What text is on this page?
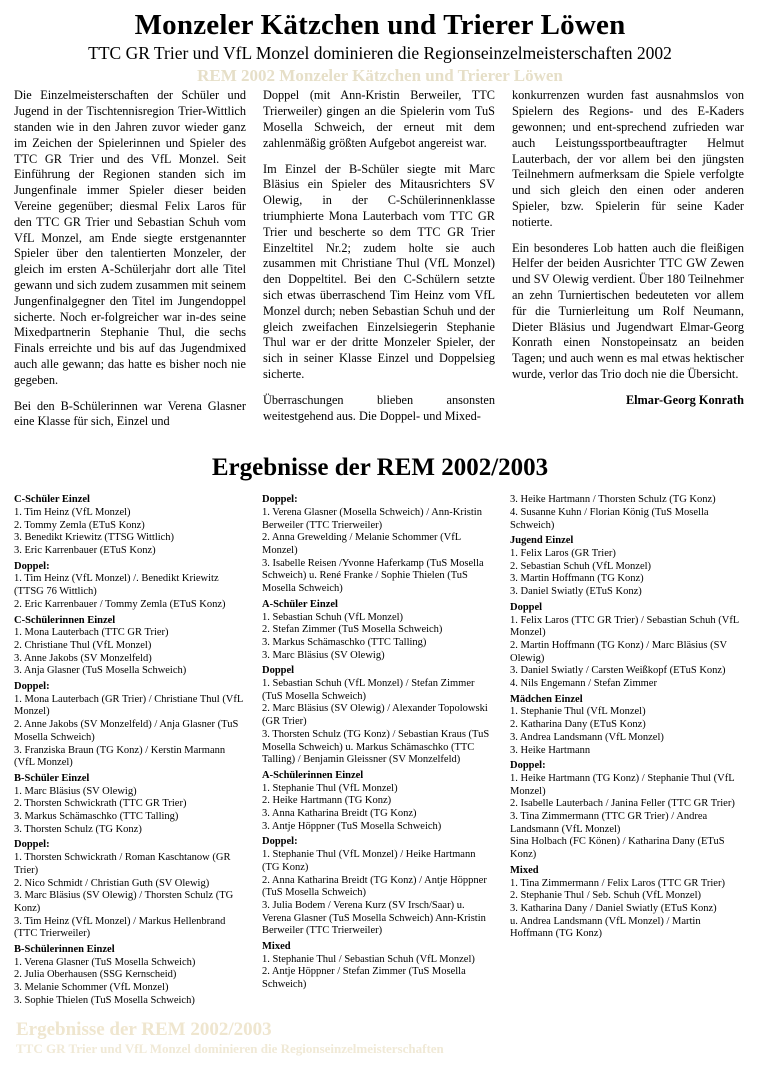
Monzeler Kätzchen und Trierer Löwen
TTC GR Trier und VfL Monzel dominieren die Regionseinzelmeisterschaften 2002
REM 2002 Monzeler Kätzchen und Trierer Löwen

Die Einzelmeisterschaften der Schüler und Jugend in der Tischtennisregion Trier-Wittlich standen wie in den Jahren zuvor wieder ganz im Zeichen der Spielerinnen und Spieler des TTC GR Trier und des VfL Monzel. Seit Einführung der Regionen standen sich im Jungenfinale immer Spieler dieser beiden Vereine gegenüber; diesmal Felix Laros für den TTC GR Trier und Sebastian Schuh vom VfL Monzel, am Ende siegte erstgenannter Spieler über den talentierten Monzeler, der gleich im ersten A-Schülerjahr dort alle Titel gewann und sich zudem zusammen mit seinem Jungenfinalgegner den Titel im Jungendoppel sicherte. Noch er-folgreicher war in-des seine Mixedpartnerin Stephanie Thul, die sechs Finals erreichte und bis auf das Jugendmixed auch alle gewann; das hatte es bisher noch nie gegeben.

Bei den B-Schülerinnen war Verena Glasner eine Klasse für sich, Einzel und

Doppel (mit Ann-Kristin Berweiler, TTC Trierweiler) gingen an die Spielerin vom TuS Mosella Schweich, der erneut mit dem zahlenmäßig größten Aufgebot angereist war.

Im Einzel der B-Schüler siegte mit Marc Bläsius ein Spieler des Mitausrichters SV Olewig, in der C-Schülerinnenklasse triumphierte Mona Lauterbach vom TTC GR Trier und bescherte so dem TTC GR Trier Einzeltitel Nr.2; zudem holte sie auch zusammen mit Christiane Thul (VfL Monzel) den Doppeltitel. Bei den C-Schülern setzte sich etwas überraschend Tim Heinz vom VfL Monzel durch; neben Sebastian Schuh und der gleich zweifachen Einzelsiegerin Stephanie Thul war er der dritte Monzeler Spieler, der sich in seiner Klasse Einzel und Doppelsieg sicherte.

Überraschungen blieben ansonsten weitestgehend aus. Die Doppel- und Mixed-

konkurrenzen wurden fast ausnahmslos von Spielern des Regions- und des E-Kaders gewonnen; und ent-sprechend zufrieden war auch Leistungssportbeauftragter Helmut Lauterbach, der vor allem bei den jüngsten Teilnehmern aufmerksam die Spiele verfolgte und sich gleich den einen oder anderen Spieler, bzw. Spielerin für seine Kader notierte.

Ein besonderes Lob hatten auch die fleißigen Helfer der beiden Ausrichter TTC GW Zewen und SV Olewig verdient. Über 180 Teilnehmer an zehn Turniertischen bedeuteten vor allem für die Turnierleitung um Rolf Neumann, Dieter Bläsius und Jugendwart Elmar-Georg Konrath einen Nonstopeinsatz an beiden Tagen; und auch wenn es mal etwas hektischer wurde, verlor das Trio doch nie die Übersicht.

Elmar-Georg Konrath
Ergebnisse der REM 2002/2003
C-Schüler Einzel
1. Tim Heinz (VfL Monzel)
2. Tommy Zemla (ETuS Konz)
3. Benedikt Kriewitz (TTSG Wittlich)
3. Eric Karrenbauer (ETuS Konz)
Doppel:
1. Tim Heinz (VfL Monzel) /. Benedikt Kriewitz (TTSG 76 Wittlich)
2. Eric Karrenbauer / Tommy Zemla (ETuS Konz)
C-Schülerinnen Einzel
1. Mona Lauterbach (TTC GR Trier)
2. Christiane Thul (VfL Monzel)
3. Anne Jakobs (SV Monzelfeld)
3. Anja Glasner (TuS Mosella Schweich)
Doppel:
1. Mona Lauterbach (GR Trier) / Christiane Thul (VfL Monzel)
2. Anne Jakobs (SV Monzelfeld) / Anja Glasner (TuS Mosella Schweich)
3. Franziska Braun (TG Konz) / Kerstin Marmann (VfL Monzel)
B-Schüler Einzel
1. Marc Bläsius (SV Olewig)
2. Thorsten Schwickrath (TTC GR Trier)
3. Markus Schämaschko (TTC Talling)
3. Thorsten Schulz (TG Konz)
Doppel:
1. Thorsten Schwickrath / Roman Kaschtanow (GR Trier)
2. Nico Schmidt / Christian Guth (SV Olewig)
3. Marc Bläsius (SV Olewig) / Thorsten Schulz (TG Konz)
3. Tim Heinz (VfL Monzel) / Markus Hellenbrand (TTC Trierweiler)
B-Schülerinnen Einzel
1. Verena Glasner (TuS Mosella Schweich)
2. Julia Oberhausen (SSG Kernscheid)
3. Melanie Schommer (VfL Monzel)
3. Sophie Thielen (TuS Mosella Schweich)
Doppel:
1. Verena Glasner (Mosella Schweich) / Ann-Kristin Berweiler (TTC Trierweiler)
2. Anna Grewelding / Melanie Schommer (VfL Monzel)
3. Isabelle Reisen /Yvonne Haferkamp (TuS Mosella Schweich) u. René Franke / Sophie Thielen (TuS Mosella Schweich)
A-Schüler Einzel
1. Sebastian Schuh (VfL Monzel)
2. Stefan Zimmer (TuS Mosella Schweich)
3. Markus Schämaschko (TTC Talling)
3. Marc Bläsius (SV Olewig)
Doppel
1. Sebastian Schuh (VfL Monzel) / Stefan Zimmer (TuS Mosella Schweich)
2. Marc Bläsius (SV Olewig) / Alexander Topolowski (GR Trier)
3. Thorsten Schulz (TG Konz) / Sebastian Kraus (TuS Mosella Schweich) u. Markus Schämaschko (TTC Talling) / Benjamin Gleissner (SV Monzelfeld)
A-Schülerinnen Einzel
1. Stephanie Thul (VfL Monzel)
2. Heike Hartmann (TG Konz)
3. Anna Katharina Breidt (TG Konz)
3. Antje Höppner (TuS Mosella Schweich)
Doppel:
1. Stephanie Thul (VfL Monzel) / Heike Hartmann (TG Konz)
2. Anna Katharina Breidt (TG Konz) / Antje Höppner (TuS Mosella Schweich)
3. Julia Bodem / Verena Kurz (SV Irsch/Saar) u. Verena Glasner (TuS Mosella Schweich) Ann-Kristin Berweiler (TTC Trierweiler)
Mixed
1. Stephanie Thul / Sebastian Schuh (VfL Monzel)
2. Antje Höppner / Stefan Zimmer (TuS Mosella Schweich)
3. Heike Hartmann / Thorsten Schulz (TG Konz)
4. Susanne Kuhn / Florian König (TuS Mosella Schweich)
Jugend Einzel
1. Felix Laros (GR Trier)
2. Sebastian Schuh (VfL Monzel)
3. Martin Hoffmann (TG Konz)
3. Daniel Swiatly (ETuS Konz)
Doppel
1. Felix Laros (TTC GR Trier) / Sebastian Schuh (VfL Monzel)
2. Martin Hoffmann (TG Konz) / Marc Bläsius (SV Olewig)
3. Daniel Swiatly / Carsten Weißkopf (ETuS Konz)
4. Nils Engemann / Stefan Zimmer
Mädchen Einzel
1. Stephanie Thul (VfL Monzel)
2. Katharina Dany (ETuS Konz)
3. Andrea Landsmann (VfL Monzel)
3. Heike Hartmann
Doppel:
1. Heike Hartmann (TG Konz) / Stephanie Thul (VfL Monzel)
2. Isabelle Lauterbach / Janina Feller (TTC GR Trier)
3. Tina Zimmermann (TTC GR Trier) / Andrea Landsmann (VfL Monzel)
Sina Holbach (FC Könen) / Katharina Dany (ETuS Konz)
Mixed
1. Tina Zimmermann / Felix Laros (TTC GR Trier)
2. Stephanie Thul / Seb. Schuh (VfL Monzel)
3. Katharina Dany / Daniel Swiatly (ETuS Konz)
u. Andrea Landsmann (VfL Monzel) / Martin Hoffmann (TG Konz)
Ergebnisse der REM 2002/2003
TTC GR Trier und VfL Monzel dominieren die Regionseinzelmeisterschaften
